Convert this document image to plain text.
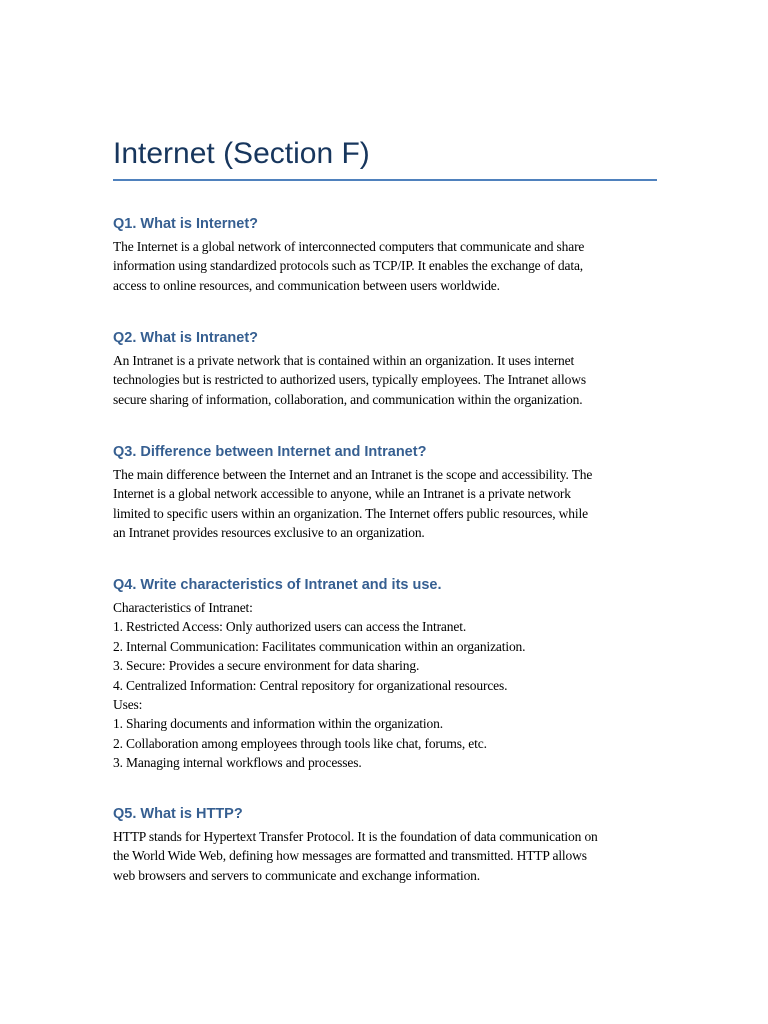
Internet (Section F)
Q1. What is Internet?

The Internet is a global network of interconnected computers that communicate and share
information using standardized protocols such as TCP/IP. It enables the exchange of data,
access to online resources, and communication between users worldwide.

Q2. What is Intranet?

An Intranet is a private network that is contained within an organization. It uses internet
technologies but is restricted to authorized users, typically employees. The Intranet allows
secure sharing of information, collaboration, and communication within the organization.

Q3. Difference between Internet and Intranet?

The main difference between the Internet and an Intranet is the scope and accessibility. The
Internet is a global network accessible to anyone, while an Intranet is a private network
limited to specific users within an organization. The Internet offers public resources, while
an Intranet provides resources exclusive to an organization.

Q4. Write characteristics of Intranet and its use.

Characteristics of Intranet:
1. Restricted Access: Only authorized users can access the Intranet.
2. Internal Communication: Facilitates communication within an organization.
3. Secure: Provides a secure environment for data sharing.
4. Centralized Information: Central repository for organizational resources.
Uses:
1. Sharing documents and information within the organization.
2. Collaboration among employees through tools like chat, forums, etc.
3. Managing internal workflows and processes.

Q5. What is HTTP?

HTTP stands for Hypertext Transfer Protocol. It is the foundation of data communication on
the World Wide Web, defining how messages are formatted and transmitted. HTTP allows
web browsers and servers to communicate and exchange information.
